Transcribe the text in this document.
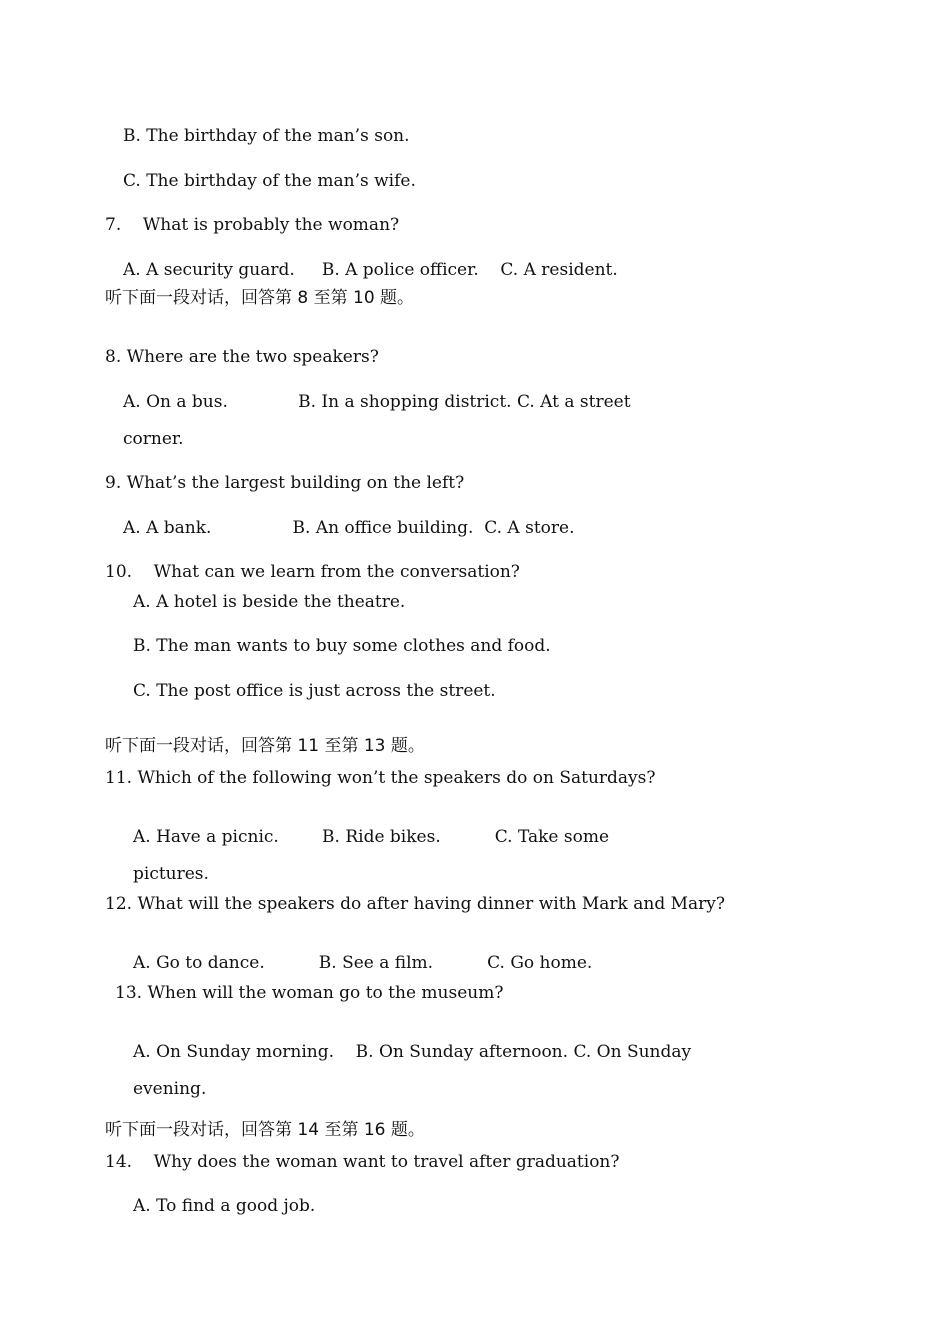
B. The birthday of the man’s son.
C. The birthday of the man’s wife.
7.    What is probably the woman?
A. A security guard.     B. A police officer.    C. A resident.
听下面一段对话，回答第 8 至第 10 题。
8. Where are the two speakers?
A. On a bus.             B. In a shopping district. C. At a street
corner.
9. What’s the largest building on the left?
A. A bank.               B. An office building.  C. A store.
10.    What can we learn from the conversation?
A. A hotel is beside the theatre.
B. The man wants to buy some clothes and food.
C. The post office is just across the street.
听下面一段对话，回答第 11 至第 13 题。
11. Which of the following won’t the speakers do on Saturdays?
A. Have a picnic.        B. Ride bikes.          C. Take some
pictures.
12. What will the speakers do after having dinner with Mark and Mary?
A. Go to dance.          B. See a film.          C. Go home.
13. When will the woman go to the museum?
A. On Sunday morning.    B. On Sunday afternoon. C. On Sunday
evening.
听下面一段对话，回答第 14 至第 16 题。
14.    Why does the woman want to travel after graduation?
A. To find a good job.
